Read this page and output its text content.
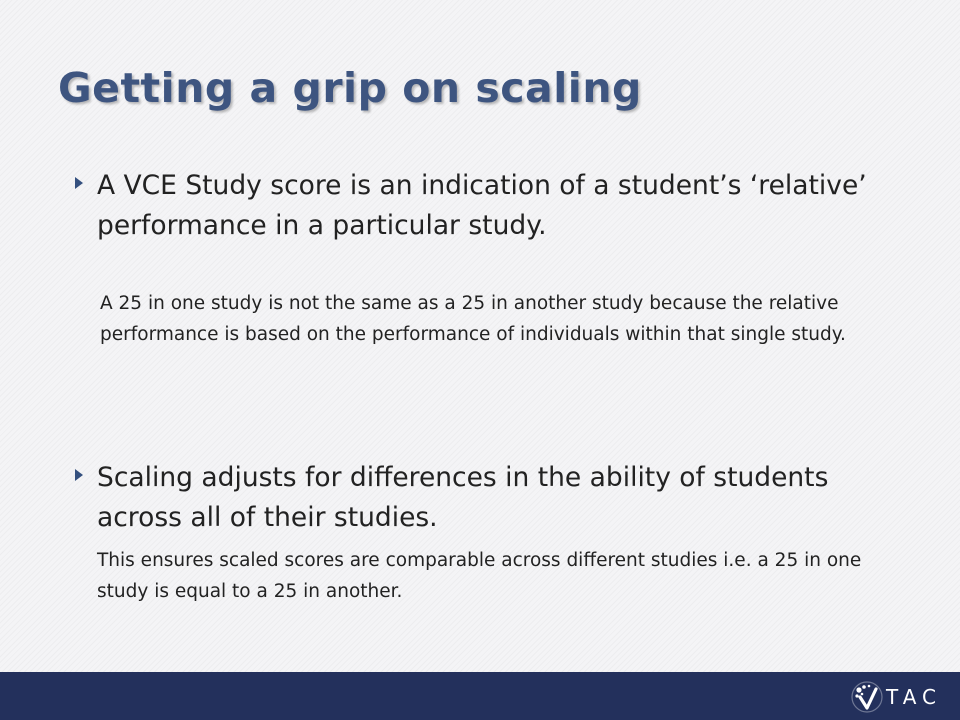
Getting a grip on scaling
A VCE Study score is an indication of a student’s ‘relative’ performance in a particular study.
A 25 in one study is not the same as a 25 in another study because the relative performance is based on the performance of individuals within that single study.
Scaling adjusts for differences in the ability of students across all of their studies.
This ensures scaled scores are comparable across different studies i.e. a 25 in one study is equal to a 25 in another.
TAC
